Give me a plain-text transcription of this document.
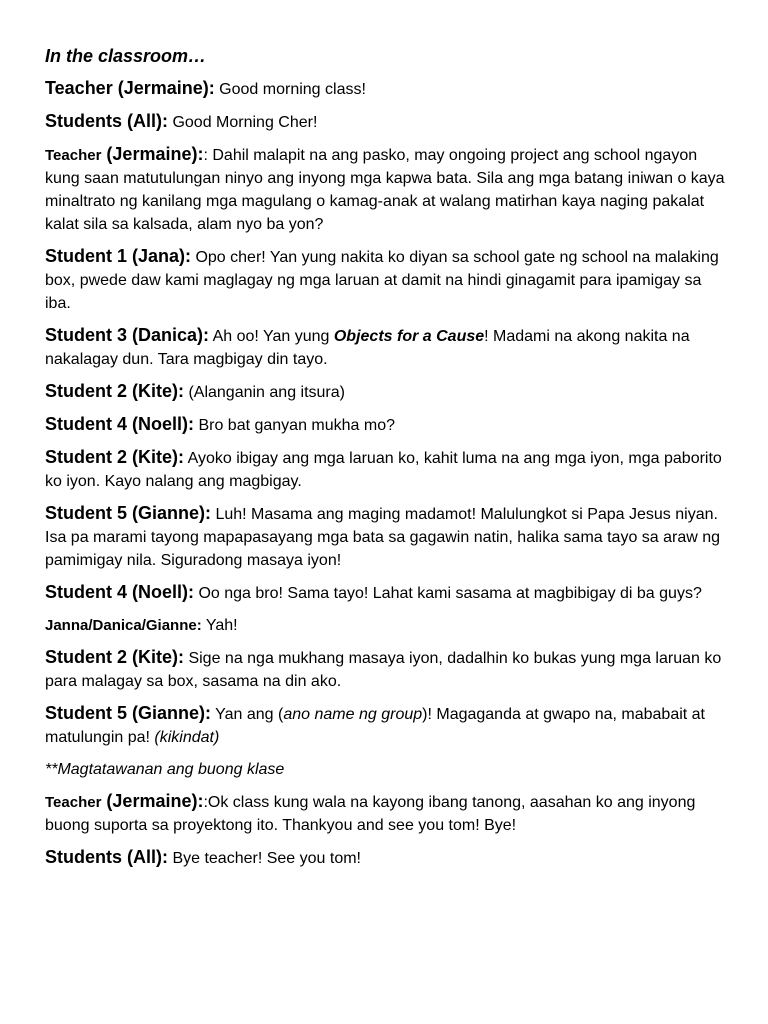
In the classroom…

Teacher (Jermaine): Good morning class!

Students (All): Good Morning Cher!

Teacher (Jermaine):: Dahil malapit na ang pasko, may ongoing project ang school ngayon kung saan matutulungan ninyo ang inyong mga kapwa bata. Sila ang mga batang iniwan o kaya minaltrato ng kanilang mga magulang o kamag-anak at walang matirhan kaya naging pakalat kalat sila sa kalsada, alam nyo ba yon?

Student 1 (Jana): Opo cher! Yan yung nakita ko diyan sa school gate ng school na malaking box, pwede daw kami maglagay ng mga laruan at damit na hindi ginagamit para ipamigay sa iba.

Student 3 (Danica): Ah oo! Yan yung Objects for a Cause! Madami na akong nakita na nakalagay dun. Tara magbigay din tayo.

Student 2 (Kite): (Alanganin ang itsura)

Student 4 (Noell): Bro bat ganyan mukha mo?

Student 2 (Kite): Ayoko ibigay ang mga laruan ko, kahit luma na ang mga iyon, mga paborito ko iyon. Kayo nalang ang magbigay.

Student 5 (Gianne): Luh! Masama ang maging madamot! Malulungkot si Papa Jesus niyan. Isa pa marami tayong mapapasayang mga bata sa gagawin natin, halika sama tayo sa araw ng pamimigay nila. Siguradong masaya iyon!

Student 4 (Noell): Oo nga bro! Sama tayo! Lahat kami sasama at magbibigay di ba guys?

Janna/Danica/Gianne: Yah!

Student 2 (Kite): Sige na nga mukhang masaya iyon, dadalhin ko bukas yung mga laruan ko para malagay sa box, sasama na din ako.

Student 5 (Gianne): Yan ang (ano name ng group)! Magaganda at gwapo na, mababait at matulungin pa! (kikindat)

**Magtatawanan ang buong klase

Teacher (Jermaine)::Ok class kung wala na kayong ibang tanong, aasahan ko ang inyong buong suporta sa proyektong ito. Thankyou and see you tom! Bye!

Students (All): Bye teacher! See you tom!
